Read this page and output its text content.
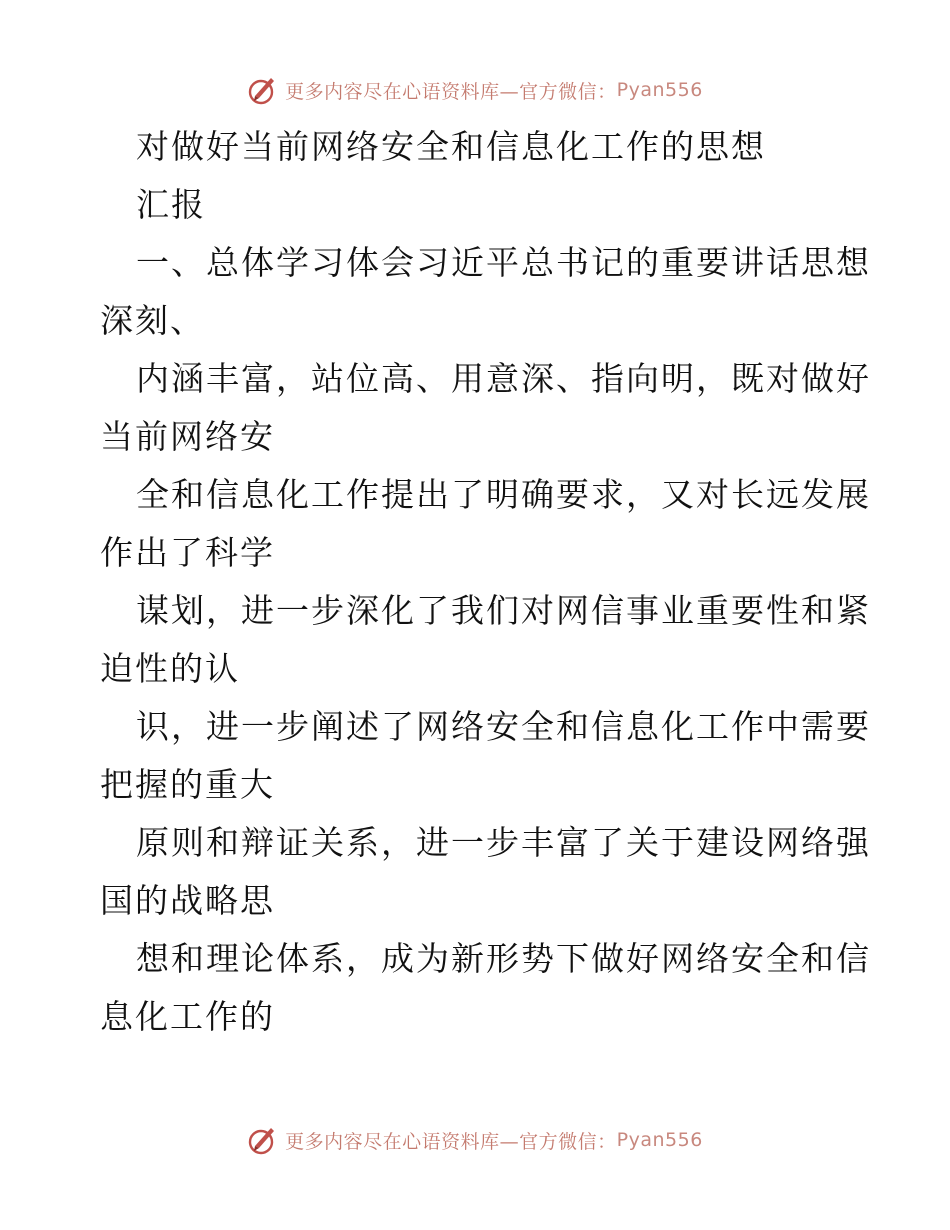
更多内容尽在心语资料库—官方微信： Pyan556
对做好当前网络安全和信息化工作的思想
汇报
一、总体学习体会习近平总书记的重要讲话思想
深刻、
内涵丰富，站位高、用意深、指向明，既对做好
当前网络安
全和信息化工作提出了明确要求，又对长远发展
作出了科学
谋划，进一步深化了我们对网信事业重要性和紧
迫性的认
识，进一步阐述了网络安全和信息化工作中需要
把握的重大
原则和辩证关系，进一步丰富了关于建设网络强
国的战略思
想和理论体系，成为新形势下做好网络安全和信
息化工作的
更多内容尽在心语资料库—官方微信： Pyan556
